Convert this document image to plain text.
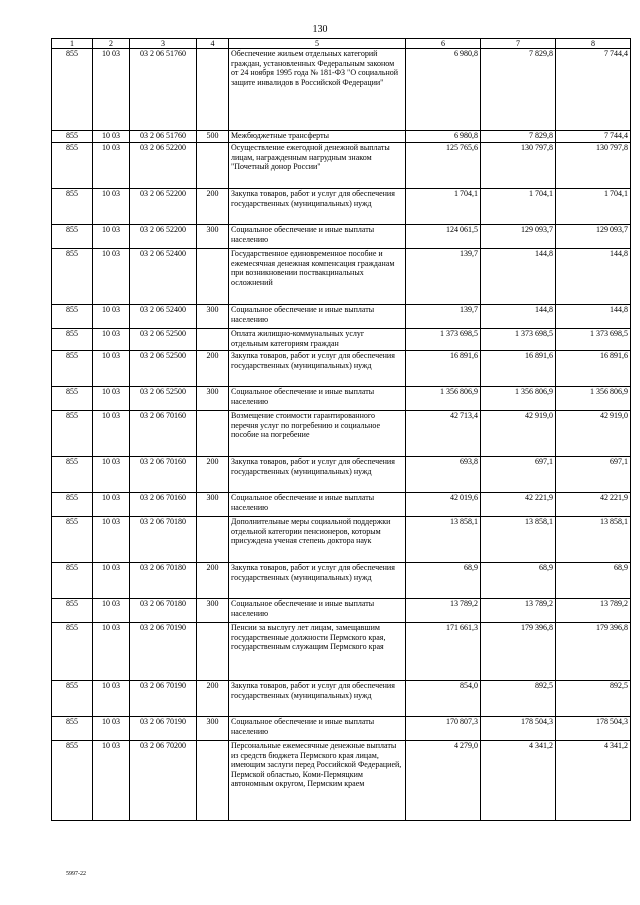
130
1	2	3	4	5	6	7	8
855	10 03	03 2 06 51760		Обеспечение жильем отдельных категорий граждан, установленных Федеральным законом от 24 ноября 1995 года № 181-ФЗ "О социальной защите инвалидов в Российской Федерации"	6 980,8	7 829,8	7 744,4
855	10 03	03 2 06 51760	500	Межбюджетные трансферты	6 980,8	7 829,8	7 744,4
855	10 03	03 2 06 52200		Осуществление ежегодной денежной выплаты лицам, награжденным нагрудным знаком "Почетный донор России"	125 765,6	130 797,8	130 797,8
855	10 03	03 2 06 52200	200	Закупка товаров, работ и услуг для обеспечения государственных (муниципальных) нужд	1 704,1	1 704,1	1 704,1
855	10 03	03 2 06 52200	300	Социальное обеспечение и иные выплаты населению	124 061,5	129 093,7	129 093,7
855	10 03	03 2 06 52400		Государственное единовременное пособие и ежемесячная денежная компенсация гражданам при возникновении поствакцинальных осложнений	139,7	144,8	144,8
855	10 03	03 2 06 52400	300	Социальное обеспечение и иные выплаты населению	139,7	144,8	144,8
855	10 03	03 2 06 52500		Оплата жилищно-коммунальных услуг отдельным категориям граждан	1 373 698,5	1 373 698,5	1 373 698,5
855	10 03	03 2 06 52500	200	Закупка товаров, работ и услуг для обеспечения государственных (муниципальных) нужд	16 891,6	16 891,6	16 891,6
855	10 03	03 2 06 52500	300	Социальное обеспечение и иные выплаты населению	1 356 806,9	1 356 806,9	1 356 806,9
855	10 03	03 2 06 70160		Возмещение стоимости гарантированного перечня услуг по погребению и социальное пособие на погребение	42 713,4	42 919,0	42 919,0
855	10 03	03 2 06 70160	200	Закупка товаров, работ и услуг для обеспечения государственных (муниципальных) нужд	693,8	697,1	697,1
855	10 03	03 2 06 70160	300	Социальное обеспечение и иные выплаты населению	42 019,6	42 221,9	42 221,9
855	10 03	03 2 06 70180		Дополнительные меры социальной поддержки отдельной категории пенсионеров, которым присуждена ученая степень доктора наук	13 858,1	13 858,1	13 858,1
855	10 03	03 2 06 70180	200	Закупка товаров, работ и услуг для обеспечения государственных (муниципальных) нужд	68,9	68,9	68,9
855	10 03	03 2 06 70180	300	Социальное обеспечение и иные выплаты населению	13 789,2	13 789,2	13 789,2
855	10 03	03 2 06 70190		Пенсии за выслугу лет лицам, замещавшим государственные должности Пермского края, государственным служащим Пермского края	171 661,3	179 396,8	179 396,8
855	10 03	03 2 06 70190	200	Закупка товаров, работ и услуг для обеспечения государственных (муниципальных) нужд	854,0	892,5	892,5
855	10 03	03 2 06 70190	300	Социальное обеспечение и иные выплаты населению	170 807,3	178 504,3	178 504,3
855	10 03	03 2 06 70200		Персональные ежемесячные денежные выплаты из средств бюджета Пермского края лицам, имеющим заслуги перед Российской Федерацией, Пермской областью, Коми-Пермяцким автономным округом, Пермским краем	4 279,0	4 341,2	4 341,2
5997-22
